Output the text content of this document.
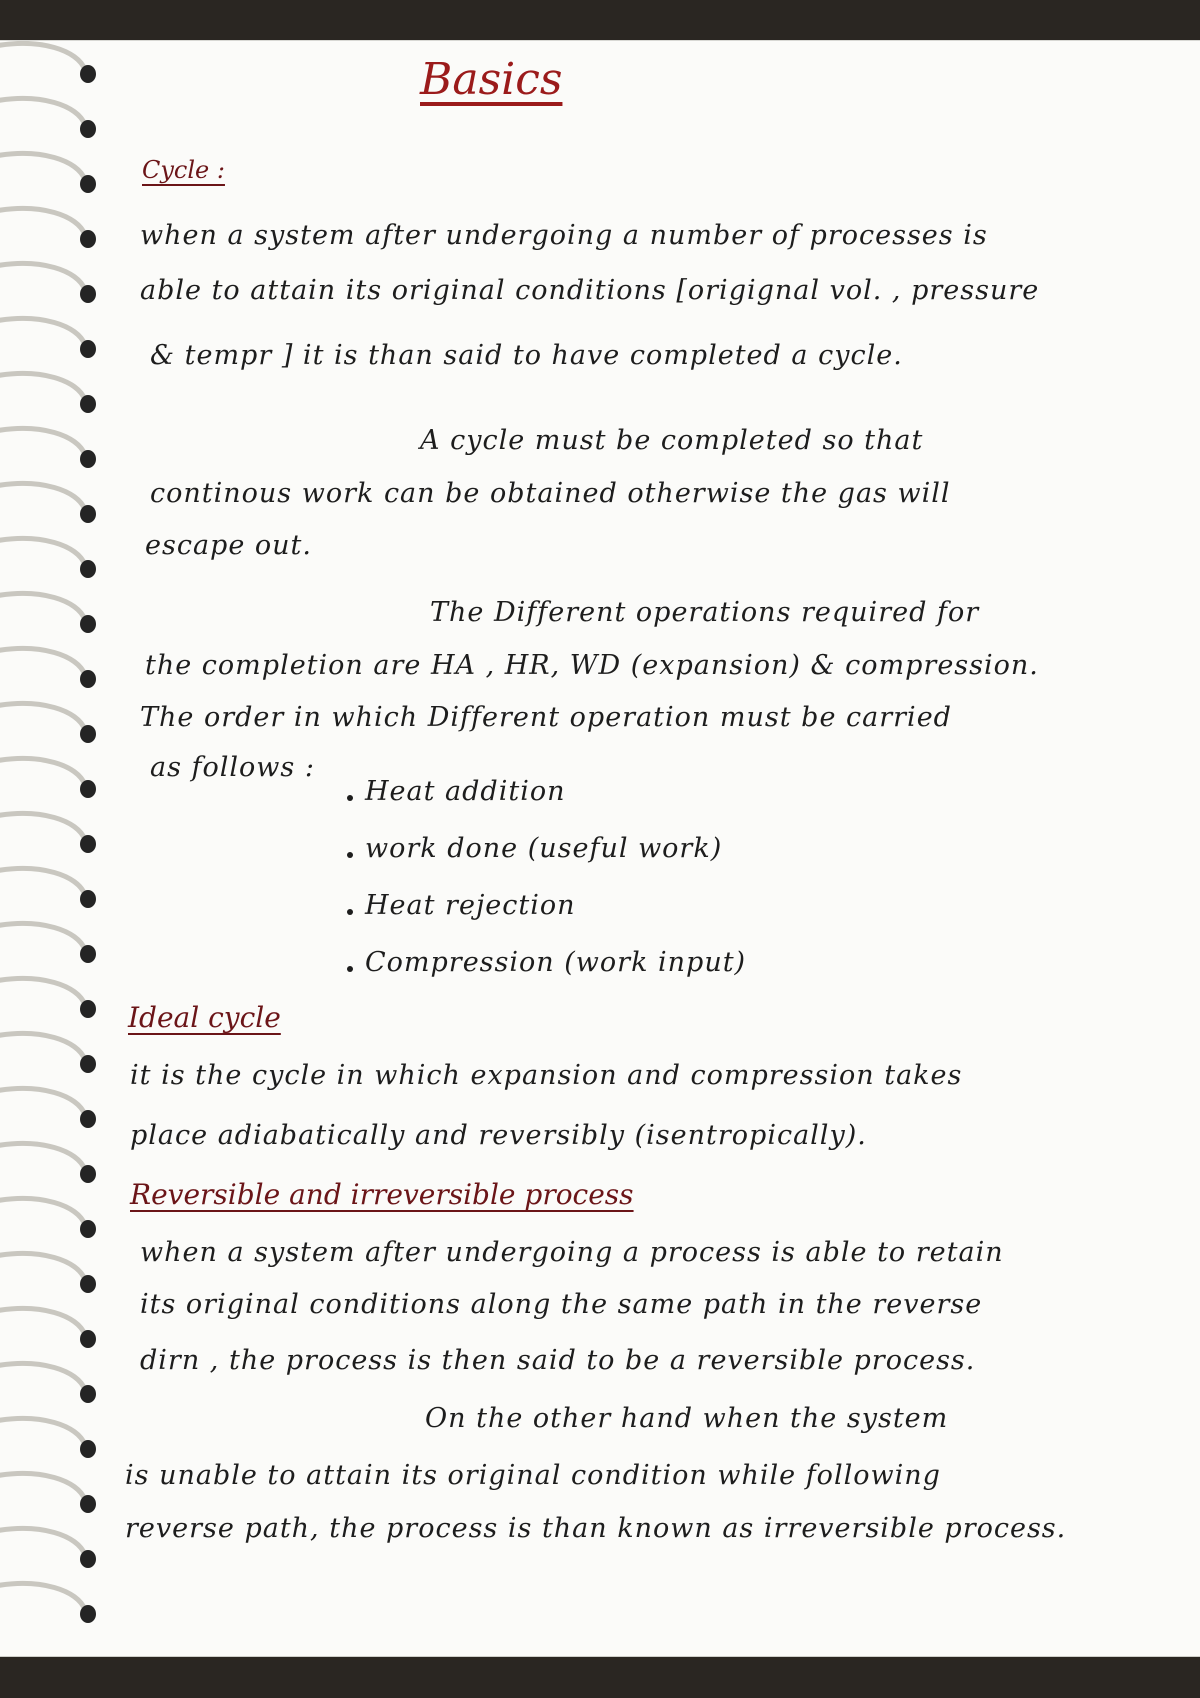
Basics
Cycle :
when a system after undergoing a number of processes is
able to attain its original conditions [origignal vol. , pressure
& tempr ] it is than said to have completed a cycle.
A cycle must be completed so that
continous work can be obtained otherwise the gas will
escape out.
The Different operations required for
the completion are HA , HR, WD (expansion) & compression.
The order in which Different operation must be carried
as follows :
Heat addition
work done (useful work)
Heat rejection
Compression (work input)
Ideal cycle
it is the cycle in which expansion and compression takes
place adiabatically and reversibly (isentropically).
Reversible and irreversible process
when a system after undergoing a process is able to retain
its original conditions along the same path in the reverse
dirn , the process is then said to be a reversible process.
On the other hand when the system
is unable to attain its original condition while following
reverse path, the process is than known as irreversible process.
